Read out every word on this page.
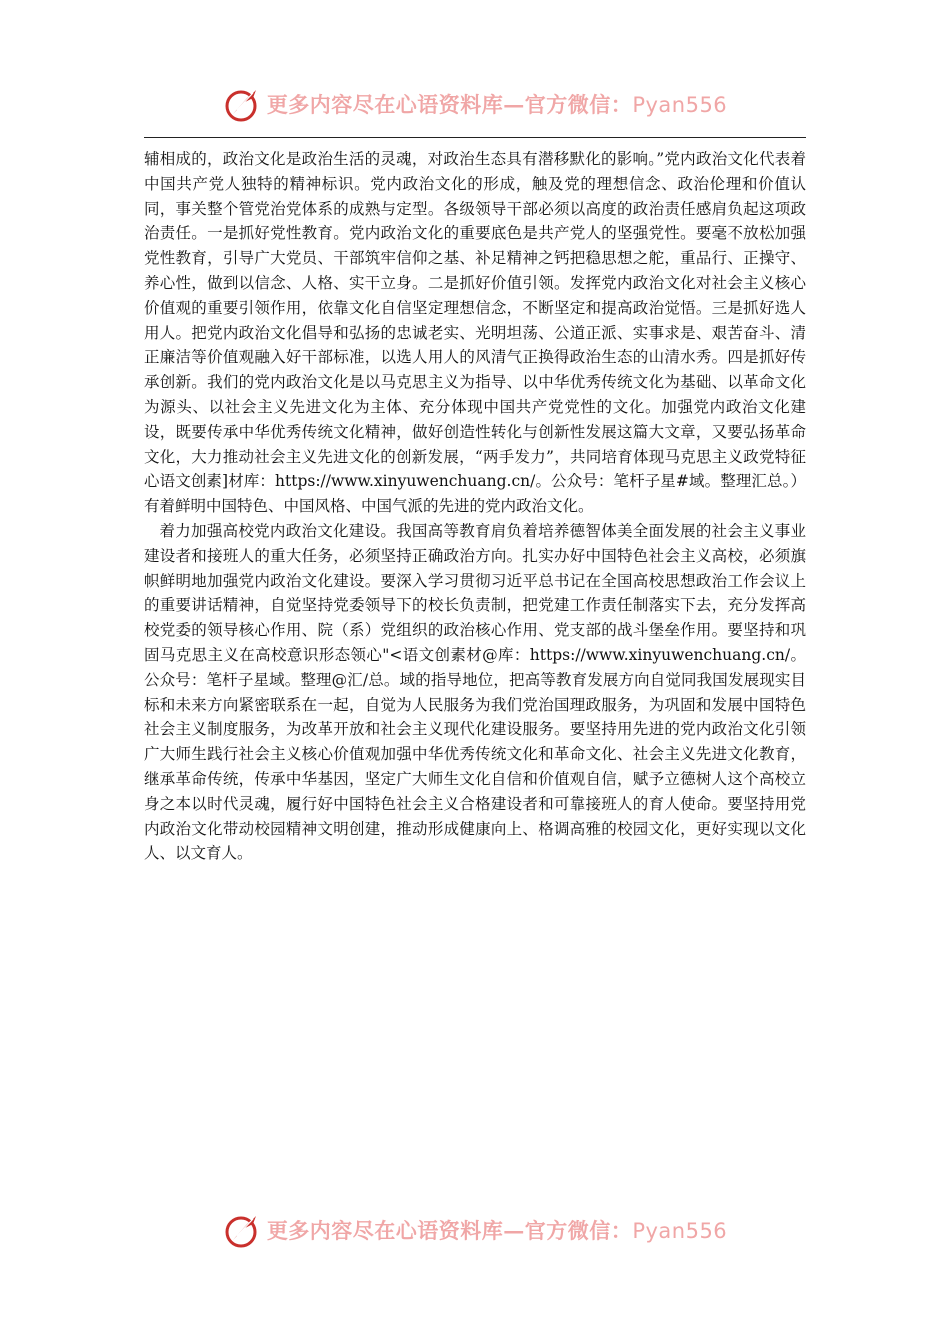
更多内容尽在心语资料库—官方微信：Pyan556

辅相成的，政治文化是政治生活的灵魂，对政治生态具有潜移默化的影响。”党内政治文化代表着中国共产党人独特的精神标识。党内政治文化的形成，触及党的理想信念、政治伦理和价值认同，事关整个管党治党体系的成熟与定型。各级领导干部必须以高度的政治责任感肩负起这项政治责任。一是抓好党性教育。党内政治文化的重要底色是共产党人的坚强党性。要毫不放松加强党性教育，引导广大党员、干部筑牢信仰之基、补足精神之钙把稳思想之舵，重品行、正操守、养心性，做到以信念、人格、实干立身。二是抓好价值引领。发挥党内政治文化对社会主义核心价值观的重要引领作用，依靠文化自信坚定理想信念，不断坚定和提高政治觉悟。三是抓好选人用人。把党内政治文化倡导和弘扬的忠诚老实、光明坦荡、公道正派、实事求是、艰苦奋斗、清正廉洁等价值观融入好干部标准，以选人用人的风清气正换得政治生态的山清水秀。四是抓好传承创新。我们的党内政治文化是以马克思主义为指导、以中华优秀传统文化为基础、以革命文化为源头、以社会主义先进文化为主体、充分体现中国共产党党性的文化。加强党内政治文化建设，既要传承中华优秀传统文化精神，做好创造性转化与创新性发展这篇大文章，又要弘扬革命文化，大力推动社会主义先进文化的创新发展，“两手发力”，共同培育体现马克思主义政党特征心语文创素]材库：https://www.xinyuwenchuang.cn/。公众号：笔杆子星#域。整理汇总。）有着鲜明中国特色、中国风格、中国气派的先进的党内政治文化。

着力加强高校党内政治文化建设。我国高等教育肩负着培养德智体美全面发展的社会主义事业建设者和接班人的重大任务，必须坚持正确政治方向。扎实办好中国特色社会主义高校，必须旗帜鲜明地加强党内政治文化建设。要深入学习贯彻习近平总书记在全国高校思想政治工作会议上的重要讲话精神，自觉坚持党委领导下的校长负责制，把党建工作责任制落实下去，充分发挥高校党委的领导核心作用、院（系）党组织的政治核心作用、党支部的战斗堡垒作用。要坚持和巩固马克思主义在高校意识形态领心"<语文创素材@库：https://www.xinyuwenchuang.cn/。公众号：笔杆子星域。整理@汇/总。域的指导地位，把高等教育发展方向自觉同我国发展现实目标和未来方向紧密联系在一起，自觉为人民服务为我们党治国理政服务，为巩固和发展中国特色社会主义制度服务，为改革开放和社会主义现代化建设服务。要坚持用先进的党内政治文化引领广大师生践行社会主义核心价值观加强中华优秀传统文化和革命文化、社会主义先进文化教育，继承革命传统，传承中华基因，坚定广大师生文化自信和价值观自信，赋予立德树人这个高校立身之本以时代灵魂，履行好中国特色社会主义合格建设者和可靠接班人的育人使命。要坚持用党内政治文化带动校园精神文明创建，推动形成健康向上、格调高雅的校园文化，更好实现以文化人、以文育人。

更多内容尽在心语资料库—官方微信：Pyan556
